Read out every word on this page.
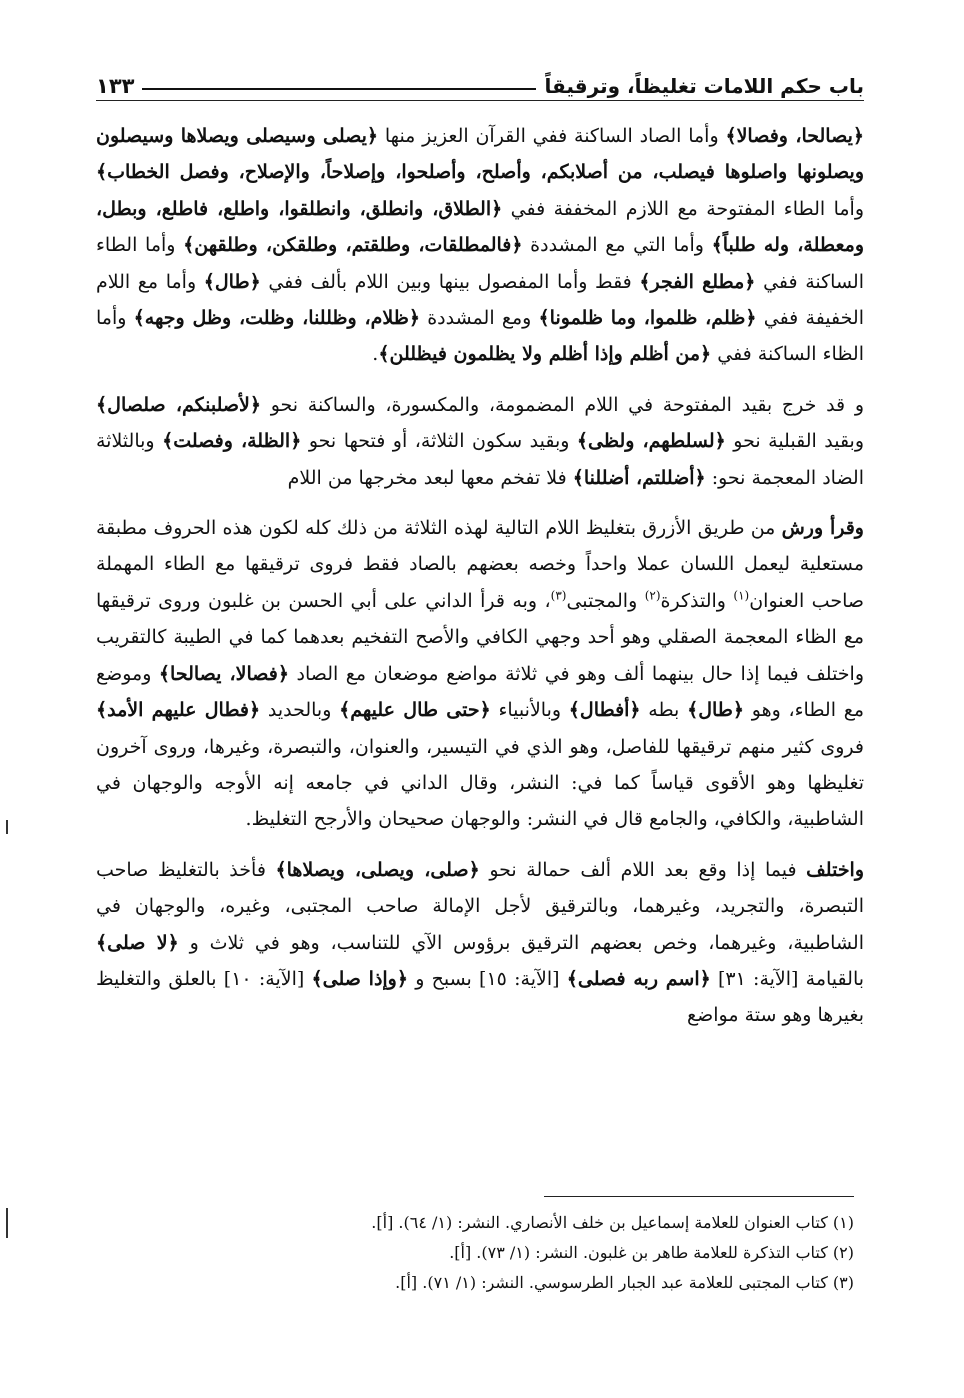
باب حكم اللامات تغليظاً، وترقيقاً
١٣٣

﴿يصالحا، وفصالا﴾ وأما الصاد الساكنة ففي القرآن العزيز منها ﴿يصلى وسيصلى ويصلاها وسيصلون ويصلونها واصلوها فيصلب، من أصلابكم، وأصلح، وأصلحوا، وإصلاحاً، والإصلاح، وفصل الخطاب﴾ وأما الطاء المفتوحة مع اللازم المخففة ففي ﴿الطلاق، وانطلق، وانطلقوا، واطلع، فاطلع، وبطل، ومعطلة، وله طلباً﴾ وأما التي مع المشددة ﴿فالمطلقات، وطلقتم، وطلقكن، وطلقهن﴾ وأما الطاء الساكنة ففي ﴿مطلع الفجر﴾ فقط وأما المفصول بينها وبين اللام بألف ففي ﴿طال﴾ وأما مع اللام الخفيفة ففي ﴿ظلم، ظلموا، وما ظلمونا﴾ ومع المشددة ﴿ظلام، وظللنا، وظلت، وظل وجهه﴾ وأما الظاء الساكنة ففي ﴿من أظلم وإذا أظلم ولا يظلمون فيظللن﴾.

و قد خرج بقيد المفتوحة في اللام المضمومة، والمكسورة، والساكنة نحو ﴿لأصلبنكم، صلصال﴾ وبقيد القبلية نحو ﴿لسلطهم، ولظى﴾ وبقيد سكون الثلاثة، أو فتحها نحو ﴿الظلة، وفصلت﴾ وبالثلاثة الضاد المعجمة نحو: ﴿أضللتم، أضللنا﴾ فلا تفخم معها لبعد مخرجها من اللام

وقرأ ورش من طريق الأزرق بتغليظ اللام التالية لهذه الثلاثة من ذلك كله لكون هذه الحروف مطبقة مستعلية ليعمل اللسان عملا واحداً وخصه بعضهم بالصاد فقط فروى ترقيقها مع الطاء المهملة صاحب العنوان$^{(١)}$ والتذكرة$^{(٢)}$ والمجتبى$^{(٣)}$، وبه قرأ الداني على أبي الحسن بن غلبون وروى ترقيقها مع الظاء المعجمة الصقلي وهو أحد وجهي الكافي والأصح التفخيم بعدهما كما في الطيبة كالتقريب واختلف فيما إذا حال بينهما ألف وهو في ثلاثة مواضع موضعان مع الصاد ﴿فصالا، يصالحا﴾ وموضع مع الطاء، وهو ﴿طال﴾ بطه ﴿أفطال﴾ وبالأنبياء ﴿حتى طال عليهم﴾ وبالحديد ﴿فطال عليهم الأمد﴾ فروى كثير منهم ترقيقها للفاصل، وهو الذي في التيسير، والعنوان، والتبصرة، وغيرها، وروى آخرون تغليظها وهو الأقوى قياساً كما في: النشر، وقال الداني في جامعه إنه الأوجه والوجهان في الشاطبية، والكافي، والجامع قال في النشر: والوجهان صحيحان والأرجح التغليظ.

واختلف فيما إذا وقع بعد اللام ألف حمالة نحو ﴿صلى، ويصلى، ويصلاها﴾ فأخذ بالتغليظ صاحب التبصرة، والتجريد، وغيرهما، وبالترقيق لأجل الإمالة صاحب المجتبى، وغيره، والوجهان في الشاطبية، وغيرهما، وخص بعضهم الترقيق برؤوس الآي للتناسب، وهو في ثلاث و ﴿لا صلى﴾ بالقيامة [الآية: ٣١] ﴿اسم ربه فصلى﴾ [الآية: ١٥] بسبح و ﴿وإذا صلى﴾ [الآية: ١٠] بالعلق والتغليظ بغيرها وهو ستة مواضع

(١) كتاب العنوان للعلامة إسماعيل بن خلف الأنصاري. النشر: (١/ ٦٤). [أ].
(٢) كتاب التذكرة للعلامة طاهر بن غلبون. النشر: (١/ ٧٣). [أ].
(٣) كتاب المجتبى للعلامة عبد الجبار الطرسوسي. النشر: (١/ ٧١). [أ].
